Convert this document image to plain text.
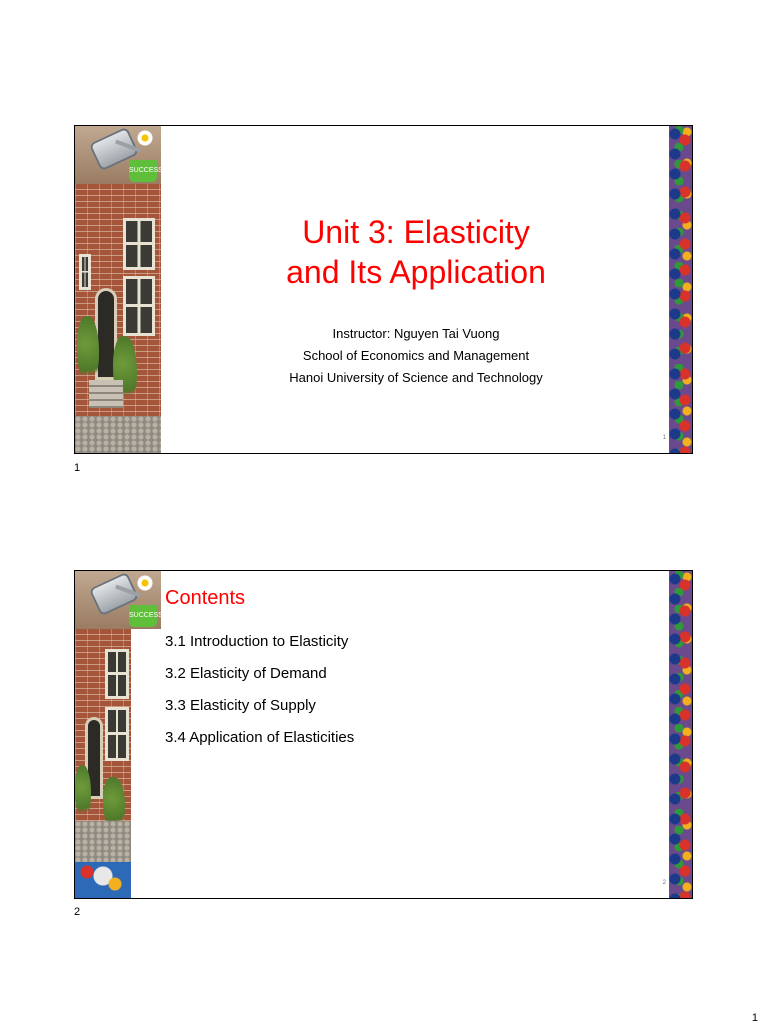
SUCCESS
Unit 3: Elasticity
and Its Application
Instructor: Nguyen Tai Vuong
School of Economics and Management
Hanoi University of Science and Technology
1
1
SUCCESS
Contents
3.1 Introduction to Elasticity
3.2 Elasticity of Demand
3.3 Elasticity of Supply
3.4 Application of Elasticities
2
2
1
